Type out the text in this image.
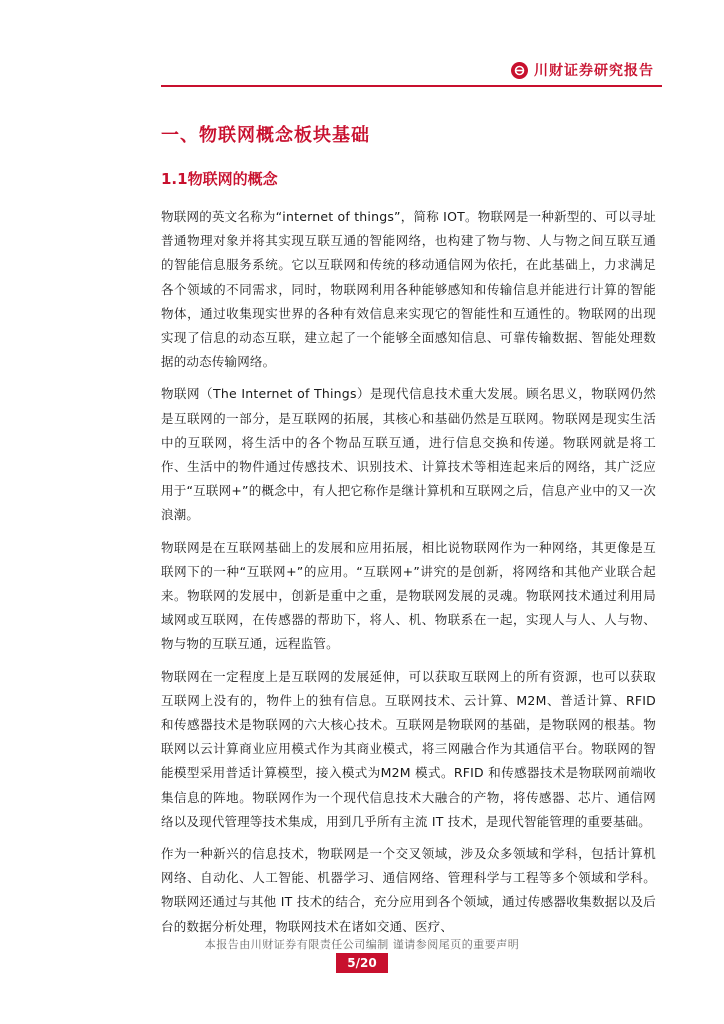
川财证券研究报告
一、物联网概念板块基础
1.1物联网的概念

物联网的英文名称为“internet of things”，简称 IOT。物联网是一种新型的、可以寻址普通物理对象并将其实现互联互通的智能网络，也构建了物与物、人与物之间互联互通的智能信息服务系统。它以互联网和传统的移动通信网为依托，在此基础上，力求满足各个领域的不同需求，同时，物联网利用各种能够感知和传输信息并能进行计算的智能物体，通过收集现实世界的各种有效信息来实现它的智能性和互通性的。物联网的出现实现了信息的动态互联，建立起了一个能够全面感知信息、可靠传输数据、智能处理数据的动态传输网络。

物联网（The Internet of Things）是现代信息技术重大发展。顾名思义，物联网仍然是互联网的一部分，是互联网的拓展，其核心和基础仍然是互联网。物联网是现实生活中的互联网，将生活中的各个物品互联互通，进行信息交换和传递。物联网就是将工作、生活中的物件通过传感技术、识别技术、计算技术等相连起来后的网络，其广泛应用于“互联网+”的概念中，有人把它称作是继计算机和互联网之后，信息产业中的又一次浪潮。

物联网是在互联网基础上的发展和应用拓展，相比说物联网作为一种网络，其更像是互联网下的一种“互联网+”的应用。“互联网+”讲究的是创新，将网络和其他产业联合起来。物联网的发展中，创新是重中之重，是物联网发展的灵魂。物联网技术通过利用局域网或互联网，在传感器的帮助下，将人、机、物联系在一起，实现人与人、人与物、物与物的互联互通，远程监管。

物联网在一定程度上是互联网的发展延伸，可以获取互联网上的所有资源，也可以获取互联网上没有的，物件上的独有信息。互联网技术、云计算、M2M、普适计算、RFID 和传感器技术是物联网的六大核心技术。互联网是物联网的基础，是物联网的根基。物联网以云计算商业应用模式作为其商业模式，将三网融合作为其通信平台。物联网的智能模型采用普适计算模型，接入模式为M2M 模式。RFID 和传感器技术是物联网前端收集信息的阵地。物联网作为一个现代信息技术大融合的产物，将传感器、芯片、通信网络以及现代管理等技术集成，用到几乎所有主流 IT 技术，是现代智能管理的重要基础。

作为一种新兴的信息技术，物联网是一个交叉领域，涉及众多领域和学科，包括计算机网络、自动化、人工智能、机器学习、通信网络、管理科学与工程等多个领域和学科。物联网还通过与其他 IT 技术的结合，充分应用到各个领域，通过传感器收集数据以及后台的数据分析处理，物联网技术在诸如交通、医疗、

本报告由川财证券有限责任公司编制 谨请参阅尾页的重要声明
5/20
